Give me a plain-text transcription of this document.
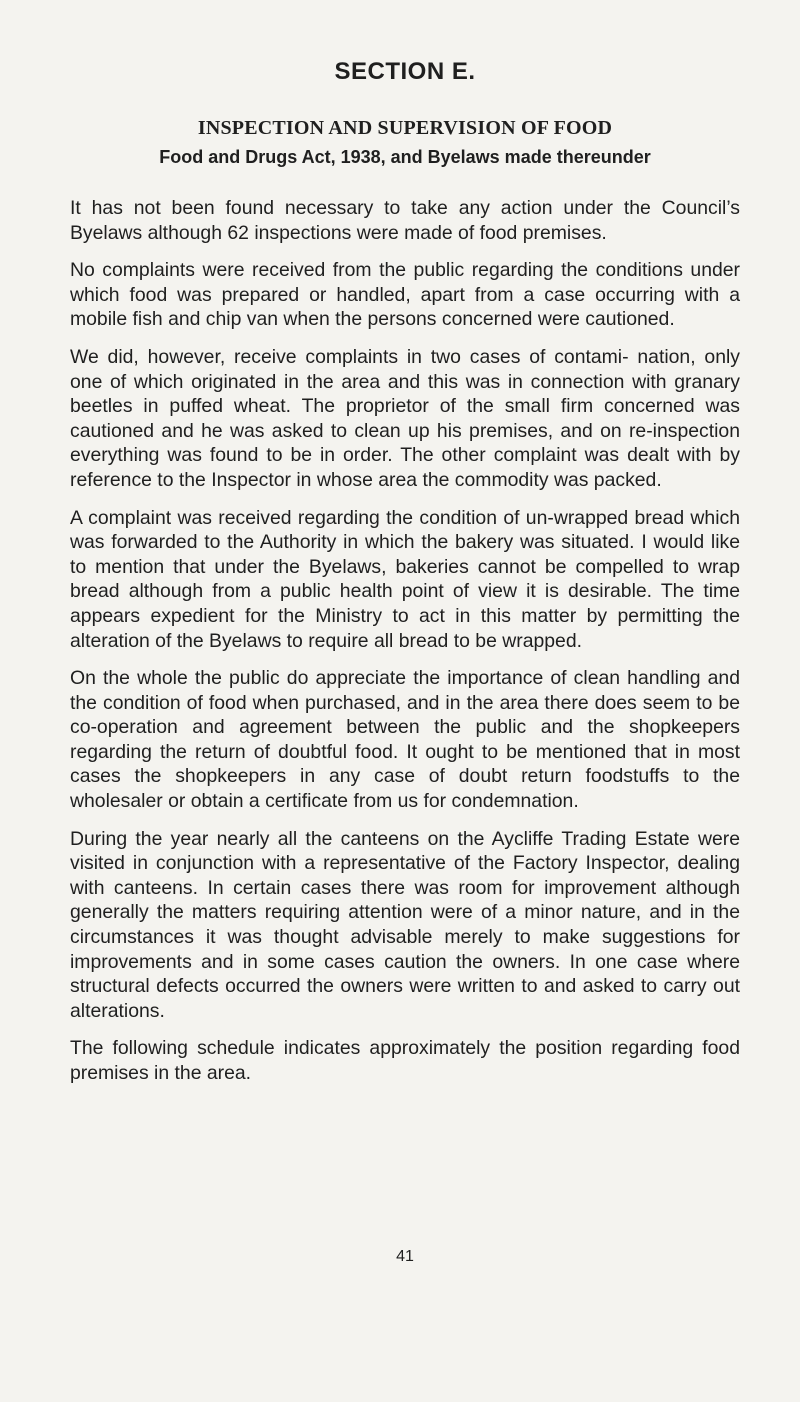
SECTION E.
INSPECTION AND SUPERVISION OF FOOD
Food and Drugs Act, 1938, and Byelaws made thereunder

It has not been found necessary to take any action under the Council’s Byelaws although 62 inspections were made of food premises.

No complaints were received from the public regarding the conditions under which food was prepared or handled, apart from a case occurring with a mobile fish and chip van when the persons concerned were cautioned.

We did, however, receive complaints in two cases of contami- nation, only one of which originated in the area and this was in connection with granary beetles in puffed wheat. The proprietor of the small firm concerned was cautioned and he was asked to clean up his premises, and on re-inspection everything was found to be in order. The other complaint was dealt with by reference to the Inspector in whose area the commodity was packed.

A complaint was received regarding the condition of un-wrapped bread which was forwarded to the Authority in which the bakery was situated. I would like to mention that under the Byelaws, bakeries cannot be compelled to wrap bread although from a public health point of view it is desirable. The time appears expedient for the Ministry to act in this matter by permitting the alteration of the Byelaws to require all bread to be wrapped.

On the whole the public do appreciate the importance of clean handling and the condition of food when purchased, and in the area there does seem to be co-operation and agreement between the public and the shopkeepers regarding the return of doubtful food. It ought to be mentioned that in most cases the shopkeepers in any case of doubt return foodstuffs to the wholesaler or obtain a certificate from us for condemnation.

During the year nearly all the canteens on the Aycliffe Trading Estate were visited in conjunction with a representative of the Factory Inspector, dealing with canteens. In certain cases there was room for improvement although generally the matters requiring attention were of a minor nature, and in the circumstances it was thought advisable merely to make suggestions for improvements and in some cases caution the owners. In one case where structural defects occurred the owners were written to and asked to carry out alterations.

The following schedule indicates approximately the position regarding food premises in the area.

41
